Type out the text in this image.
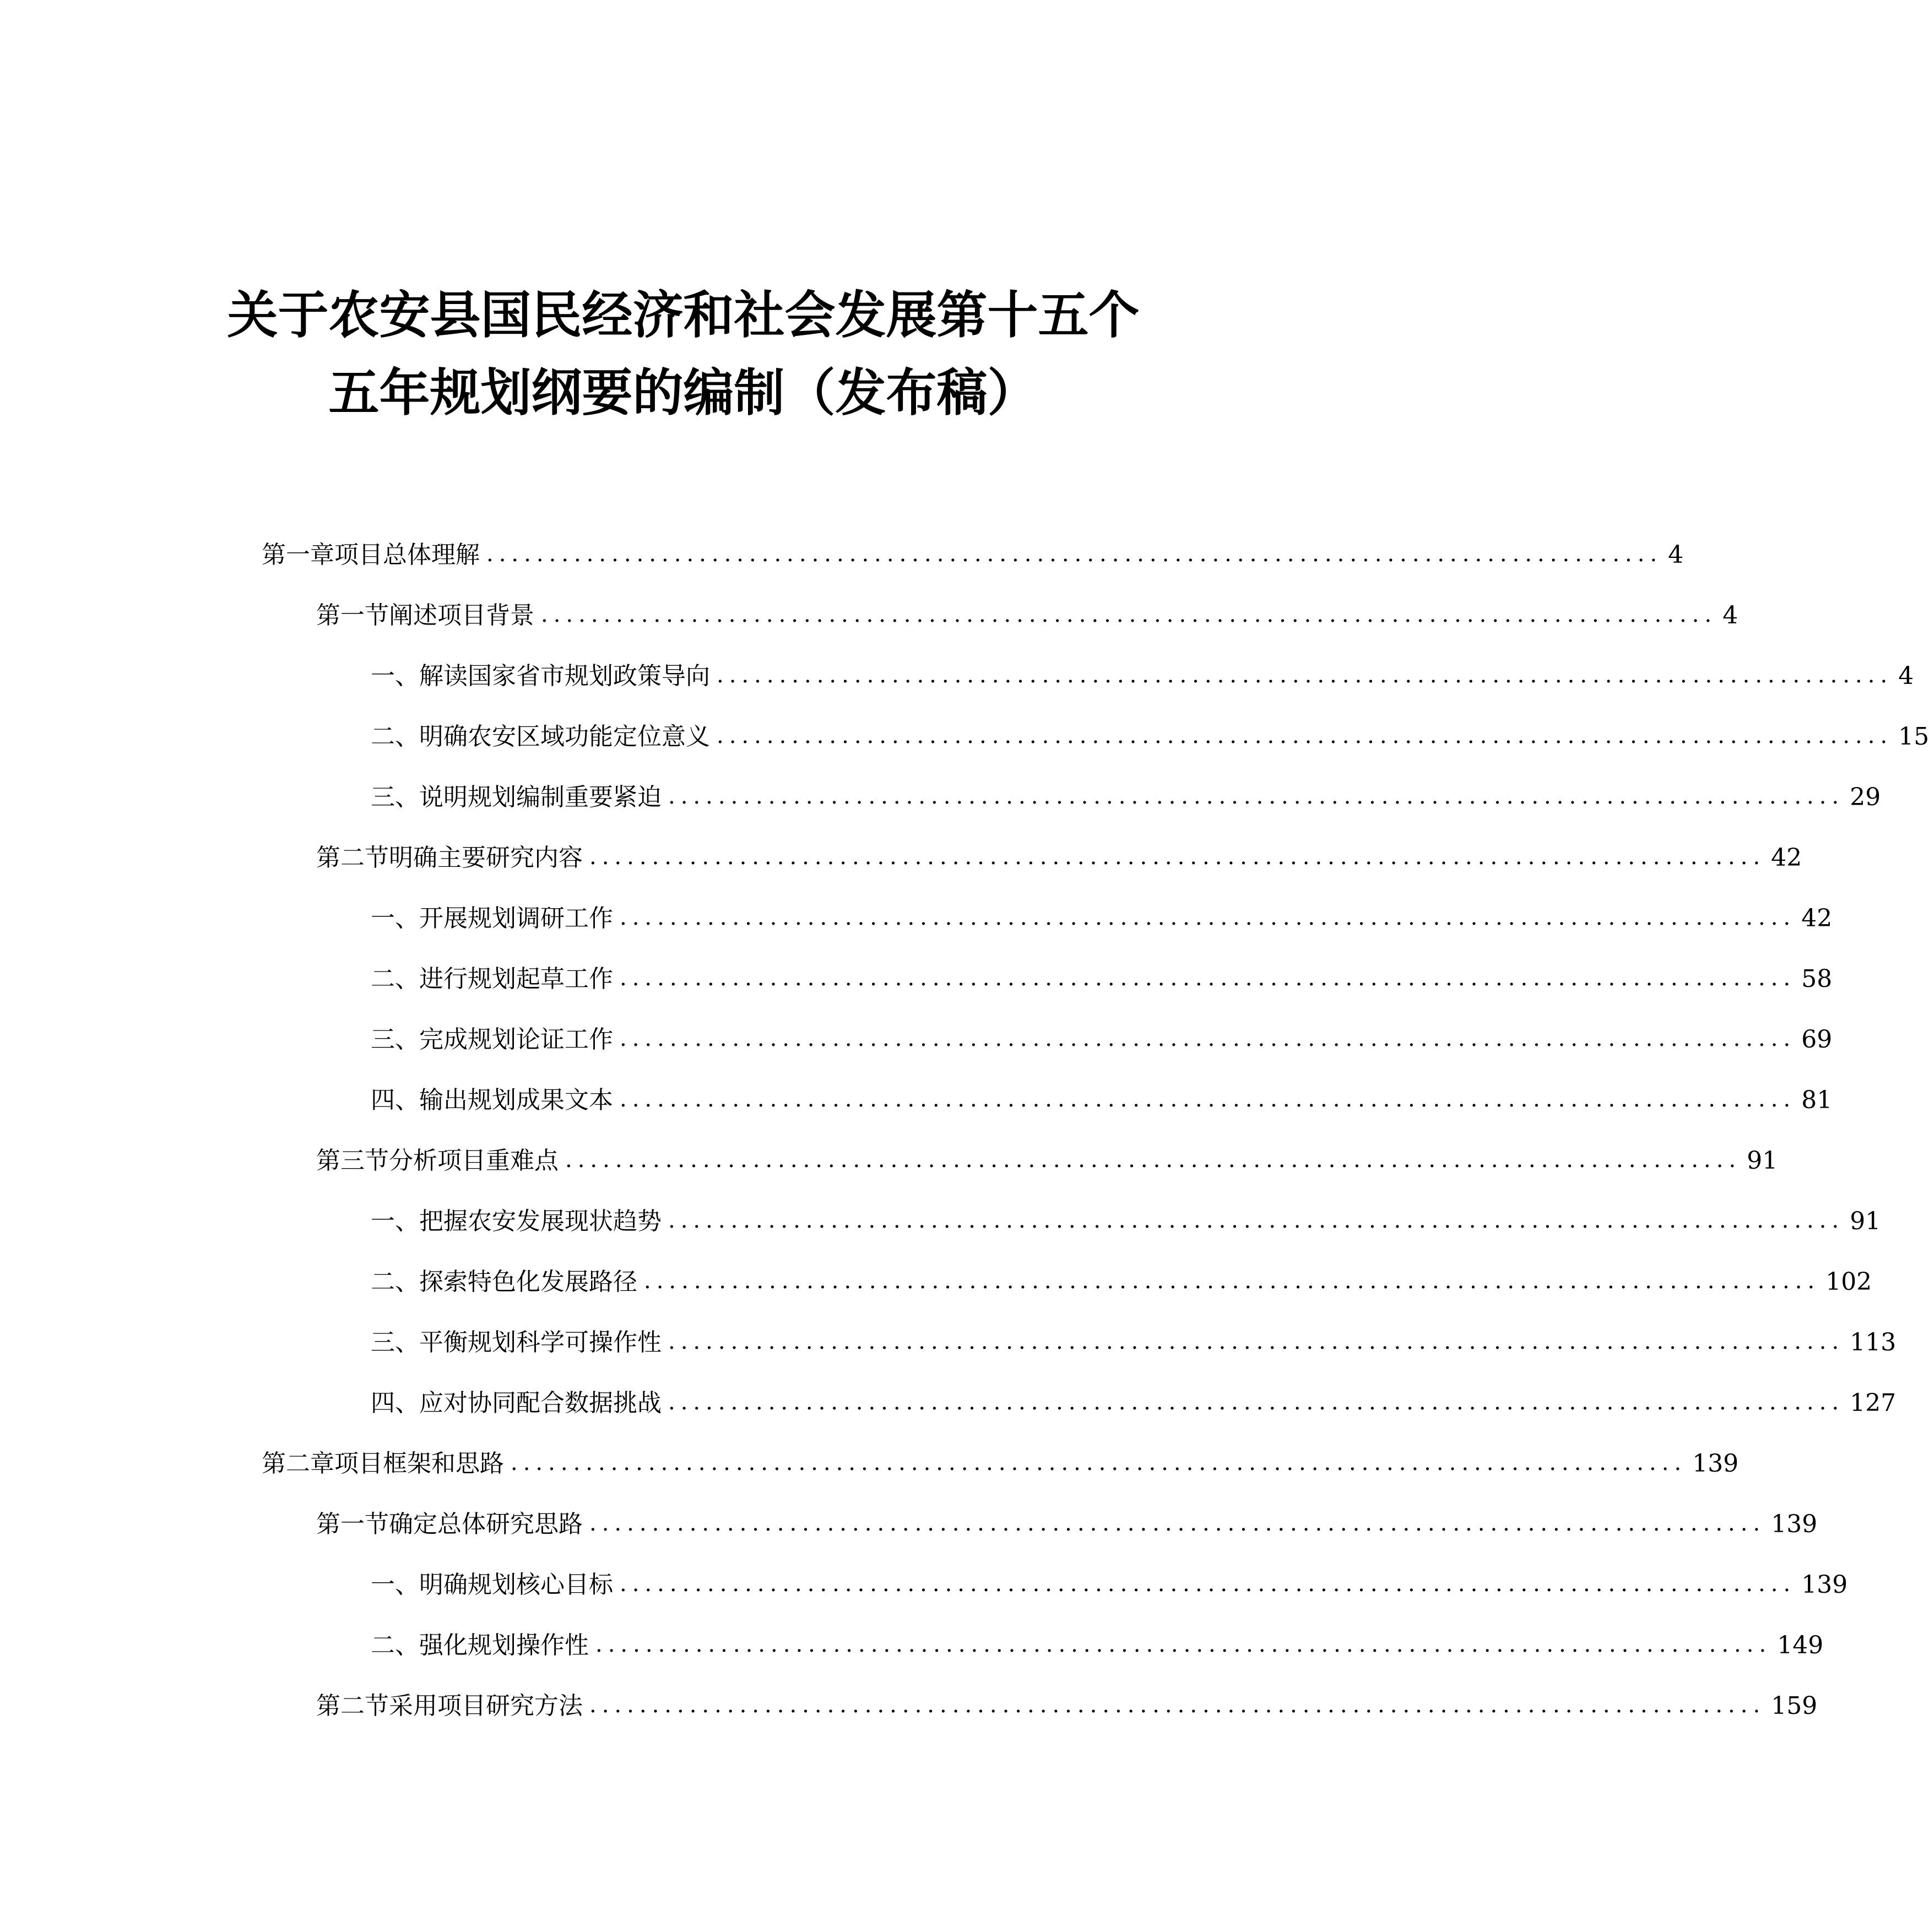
关于农安县国民经济和社会发展第十五个
五年规划纲要的编制（发布稿）
第一章 项目总体理解 .............................................................................................. 4
第一节 阐述项目背景 .............................................................................................. 4
一、 解读国家省市规划政策导向 .............................................................................................. 4
二、 明确农安区域功能定位意义 .............................................................................................. 15
三、 说明规划编制重要紧迫 .............................................................................................. 29
第二节 明确主要研究内容 .............................................................................................. 42
一、 开展规划调研工作 .............................................................................................. 42
二、 进行规划起草工作 .............................................................................................. 58
三、 完成规划论证工作 .............................................................................................. 69
四、 输出规划成果文本 .............................................................................................. 81
第三节 分析项目重难点 .............................................................................................. 91
一、 把握农安发展现状趋势 .............................................................................................. 91
二、 探索特色化发展路径 .............................................................................................. 102
三、 平衡规划科学可操作性 .............................................................................................. 113
四、 应对协同配合数据挑战 .............................................................................................. 127
第二章 项目框架和思路 .............................................................................................. 139
第一节 确定总体研究思路 .............................................................................................. 139
一、 明确规划核心目标 .............................................................................................. 139
二、 强化规划操作性 .............................................................................................. 149
第二节 采用项目研究方法 .............................................................................................. 159
